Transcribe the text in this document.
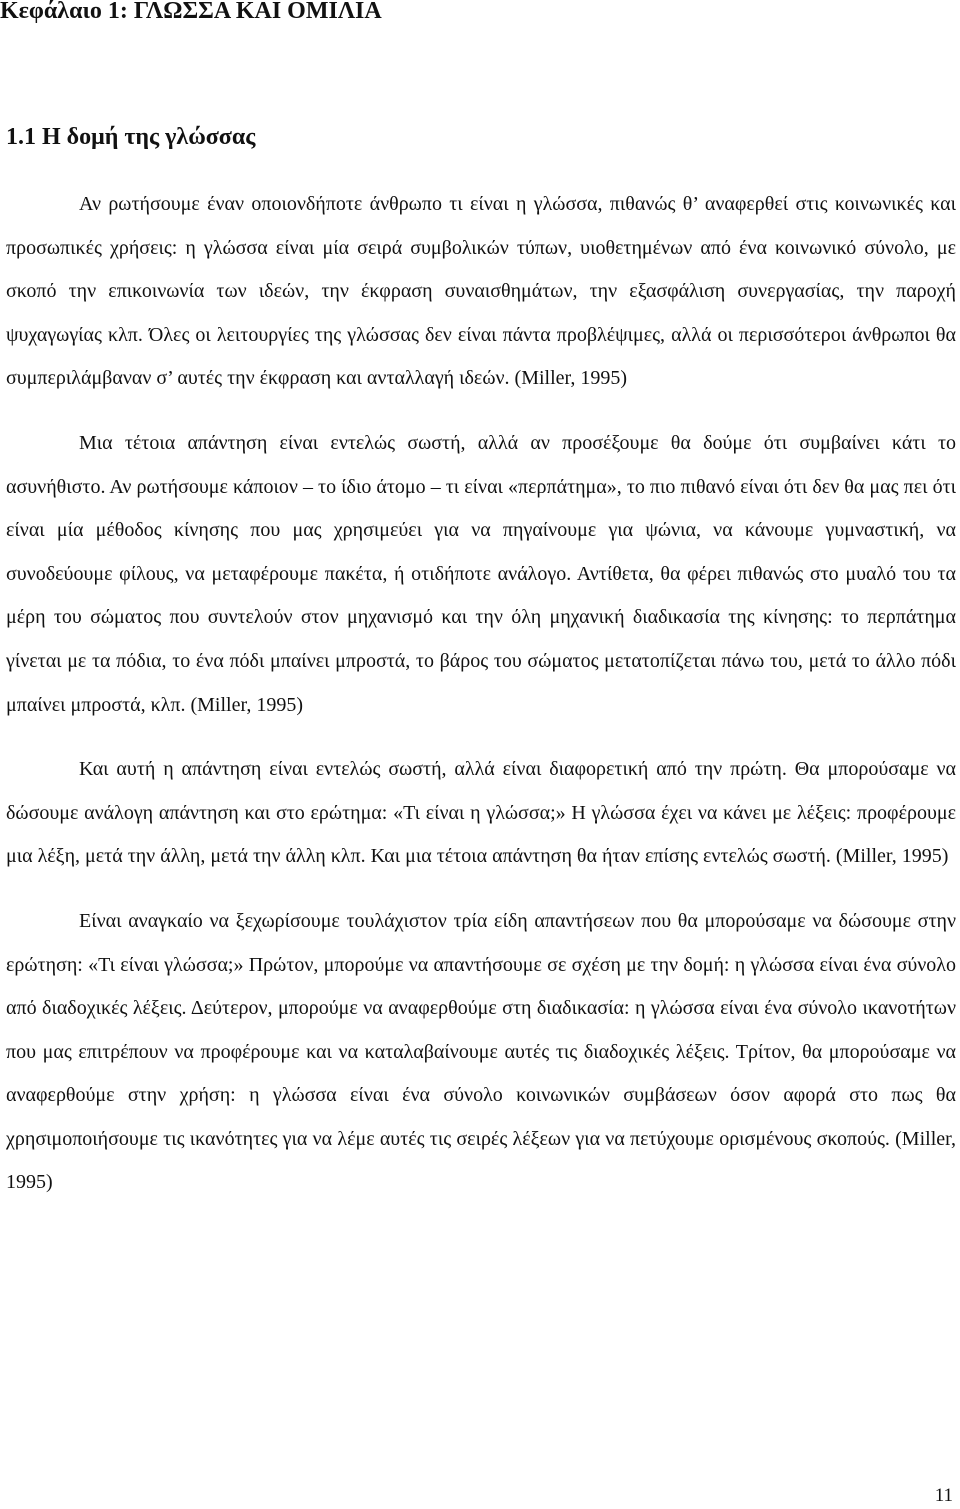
Κεφάλαιο 1: ΓΛΩΣΣΑ ΚΑΙ ΟΜΙΛΙΑ
1.1 Η δομή της γλώσσας

Αν ρωτήσουμε έναν οποιονδήποτε άνθρωπο τι είναι η γλώσσα, πιθανώς θ’ αναφερθεί στις κοινωνικές και προσωπικές χρήσεις: η γλώσσα είναι μία σειρά συμβολικών τύπων, υιοθετημένων από ένα κοινωνικό σύνολο, με σκοπό την επικοινωνία των ιδεών, την έκφραση συναισθημάτων, την εξασφάλιση συνεργασίας, την παροχή ψυχαγωγίας κλπ. Όλες οι λειτουργίες της γλώσσας δεν είναι πάντα προβλέψιμες, αλλά οι περισσότεροι άνθρωποι θα συμπεριλάμβαναν σ’ αυτές την έκφραση και ανταλλαγή ιδεών. (Miller, 1995)

Μια τέτοια απάντηση είναι εντελώς σωστή, αλλά αν προσέξουμε θα δούμε ότι συμβαίνει κάτι το ασυνήθιστο. Αν ρωτήσουμε κάποιον – το ίδιο άτομο – τι είναι «περπάτημα», το πιο πιθανό είναι ότι δεν θα μας πει ότι είναι μία μέθοδος κίνησης που μας χρησιμεύει για να πηγαίνουμε για ψώνια, να κάνουμε γυμναστική, να συνοδεύουμε φίλους, να μεταφέρουμε πακέτα, ή οτιδήποτε ανάλογο. Αντίθετα, θα φέρει πιθανώς στο μυαλό του τα μέρη του σώματος που συντελούν στον μηχανισμό και την όλη μηχανική διαδικασία της κίνησης: το περπάτημα γίνεται με τα πόδια, το ένα πόδι μπαίνει μπροστά, το βάρος του σώματος μετατοπίζεται πάνω του, μετά το άλλο πόδι μπαίνει μπροστά, κλπ. (Miller, 1995)

Και αυτή η απάντηση είναι εντελώς σωστή, αλλά είναι διαφορετική από την πρώτη. Θα μπορούσαμε να δώσουμε ανάλογη απάντηση και στο ερώτημα: «Τι είναι η γλώσσα;» Η γλώσσα έχει να κάνει με λέξεις: προφέρουμε μια λέξη, μετά την άλλη, μετά την άλλη κλπ. Και μια τέτοια απάντηση θα ήταν επίσης εντελώς σωστή. (Miller, 1995)

Είναι αναγκαίο να ξεχωρίσουμε τουλάχιστον τρία είδη απαντήσεων που θα μπορούσαμε να δώσουμε στην ερώτηση: «Τι είναι γλώσσα;» Πρώτον, μπορούμε να απαντήσουμε σε σχέση με την δομή: η γλώσσα είναι ένα σύνολο από διαδοχικές λέξεις. Δεύτερον, μπορούμε να αναφερθούμε στη διαδικασία: η γλώσσα είναι ένα σύνολο ικανοτήτων που μας επιτρέπουν να προφέρουμε και να καταλαβαίνουμε αυτές τις διαδοχικές λέξεις. Τρίτον, θα μπορούσαμε να αναφερθούμε στην χρήση: η γλώσσα είναι ένα σύνολο κοινωνικών συμβάσεων όσον αφορά στο πως θα χρησιμοποιήσουμε τις ικανότητες για να λέμε αυτές τις σειρές λέξεων για να πετύχουμε ορισμένους σκοπούς. (Miller, 1995)

11
